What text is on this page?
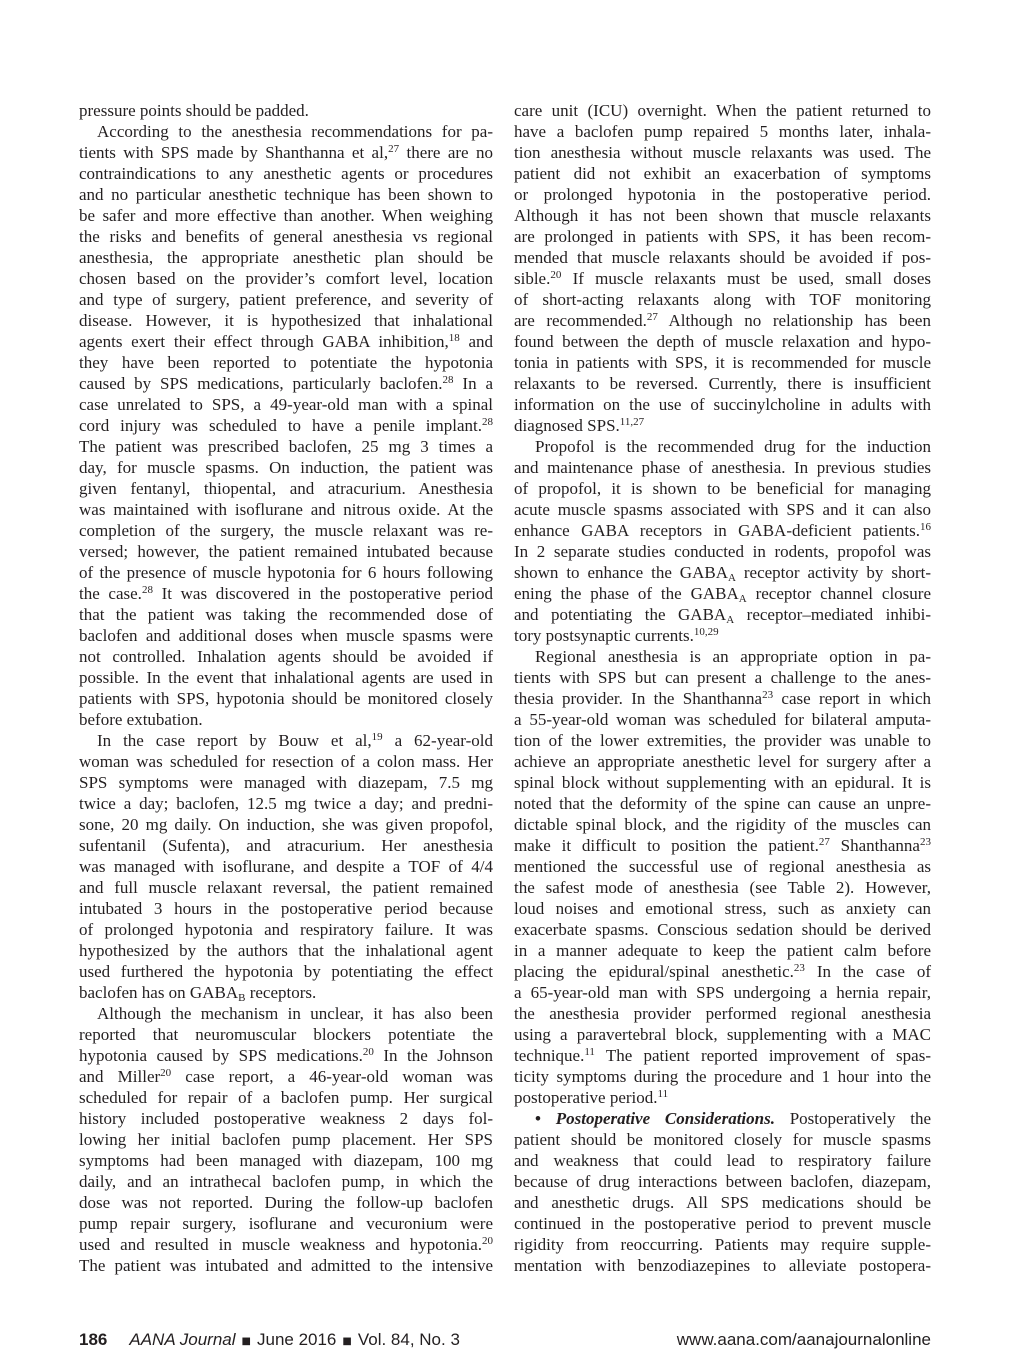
pressure points should be padded.
According to the anesthesia recommendations for pa-
tients with SPS made by Shanthanna et al,$^{27}$ there are no
contraindications to any anesthetic agents or procedures
and no particular anesthetic technique has been shown to
be safer and more effective than another. When weighing
the risks and benefits of general anesthesia vs regional
anesthesia, the appropriate anesthetic plan should be
chosen based on the provider’s comfort level, location
and type of surgery, patient preference, and severity of
disease. However, it is hypothesized that inhalational
agents exert their effect through GABA inhibition,$^{18}$ and
they have been reported to potentiate the hypotonia
caused by SPS medications, particularly baclofen.$^{28}$ In a
case unrelated to SPS, a 49-year-old man with a spinal
cord injury was scheduled to have a penile implant.$^{28}$
The patient was prescribed baclofen, 25 mg 3 times a
day, for muscle spasms. On induction, the patient was
given fentanyl, thiopental, and atracurium. Anesthesia
was maintained with isoflurane and nitrous oxide. At the
completion of the surgery, the muscle relaxant was re-
versed; however, the patient remained intubated because
of the presence of muscle hypotonia for 6 hours following
the case.$^{28}$ It was discovered in the postoperative period
that the patient was taking the recommended dose of
baclofen and additional doses when muscle spasms were
not controlled. Inhalation agents should be avoided if
possible. In the event that inhalational agents are used in
patients with SPS, hypotonia should be monitored closely
before extubation.
In the case report by Bouw et al,$^{19}$ a 62-year-old
woman was scheduled for resection of a colon mass. Her
SPS symptoms were managed with diazepam, 7.5 mg
twice a day; baclofen, 12.5 mg twice a day; and predni-
sone, 20 mg daily. On induction, she was given propofol,
sufentanil (Sufenta), and atracurium. Her anesthesia
was managed with isoflurane, and despite a TOF of 4/4
and full muscle relaxant reversal, the patient remained
intubated 3 hours in the postoperative period because
of prolonged hypotonia and respiratory failure. It was
hypothesized by the authors that the inhalational agent
used furthered the hypotonia by potentiating the effect
baclofen has on $GABA_B$ receptors.
Although the mechanism in unclear, it has also been
reported that neuromuscular blockers potentiate the
hypotonia caused by SPS medications.$^{20}$ In the Johnson
and Miller$^{20}$ case report, a 46-year-old woman was
scheduled for repair of a baclofen pump. Her surgical
history included postoperative weakness 2 days fol-
lowing her initial baclofen pump placement. Her SPS
symptoms had been managed with diazepam, 100 mg
daily, and an intrathecal baclofen pump, in which the
dose was not reported. During the follow-up baclofen
pump repair surgery, isoflurane and vecuronium were
used and resulted in muscle weakness and hypotonia.$^{20}$
The patient was intubated and admitted to the intensive
care unit (ICU) overnight. When the patient returned to
have a baclofen pump repaired 5 months later, inhala-
tion anesthesia without muscle relaxants was used. The
patient did not exhibit an exacerbation of symptoms
or prolonged hypotonia in the postoperative period.
Although it has not been shown that muscle relaxants
are prolonged in patients with SPS, it has been recom-
mended that muscle relaxants should be avoided if pos-
sible.$^{20}$ If muscle relaxants must be used, small doses
of short-acting relaxants along with TOF monitoring
are recommended.$^{27}$ Although no relationship has been
found between the depth of muscle relaxation and hypo-
tonia in patients with SPS, it is recommended for muscle
relaxants to be reversed. Currently, there is insufficient
information on the use of succinylcholine in adults with
diagnosed SPS.$^{11,27}$
Propofol is the recommended drug for the induction
and maintenance phase of anesthesia. In previous studies
of propofol, it is shown to be beneficial for managing
acute muscle spasms associated with SPS and it can also
enhance GABA receptors in GABA-deficient patients.$^{16}$
In 2 separate studies conducted in rodents, propofol was
shown to enhance the $GABA_A$ receptor activity by short-
ening the phase of the $GABA_A$ receptor channel closure
and potentiating the $GABA_A$ receptor–mediated inhibi-
tory postsynaptic currents.$^{10,29}$
Regional anesthesia is an appropriate option in pa-
tients with SPS but can present a challenge to the anes-
thesia provider. In the Shanthanna$^{23}$ case report in which
a 55-year-old woman was scheduled for bilateral amputa-
tion of the lower extremities, the provider was unable to
achieve an appropriate anesthetic level for surgery after a
spinal block without supplementing with an epidural. It is
noted that the deformity of the spine can cause an unpre-
dictable spinal block, and the rigidity of the muscles can
make it difficult to position the patient.$^{27}$ Shanthanna$^{23}$
mentioned the successful use of regional anesthesia as
the safest mode of anesthesia (see Table 2). However,
loud noises and emotional stress, such as anxiety can
exacerbate spasms. Conscious sedation should be derived
in a manner adequate to keep the patient calm before
placing the epidural/spinal anesthetic.$^{23}$ In the case of
a 65-year-old man with SPS undergoing a hernia repair,
the anesthesia provider performed regional anesthesia
using a paravertebral block, supplementing with a MAC
technique.$^{11}$ The patient reported improvement of spas-
ticity symptoms during the procedure and 1 hour into the
postoperative period.$^{11}$
• Postoperative Considerations. Postoperatively the
patient should be monitored closely for muscle spasms
and weakness that could lead to respiratory failure
because of drug interactions between baclofen, diazepam,
and anesthetic drugs. All SPS medications should be
continued in the postoperative period to prevent muscle
rigidity from reoccurring. Patients may require supple-
mentation with benzodiazepines to alleviate postopera-
186 AANA Journal ■ June 2016 ■ Vol. 84, No. 3	www.aana.com/aanajournalonline
